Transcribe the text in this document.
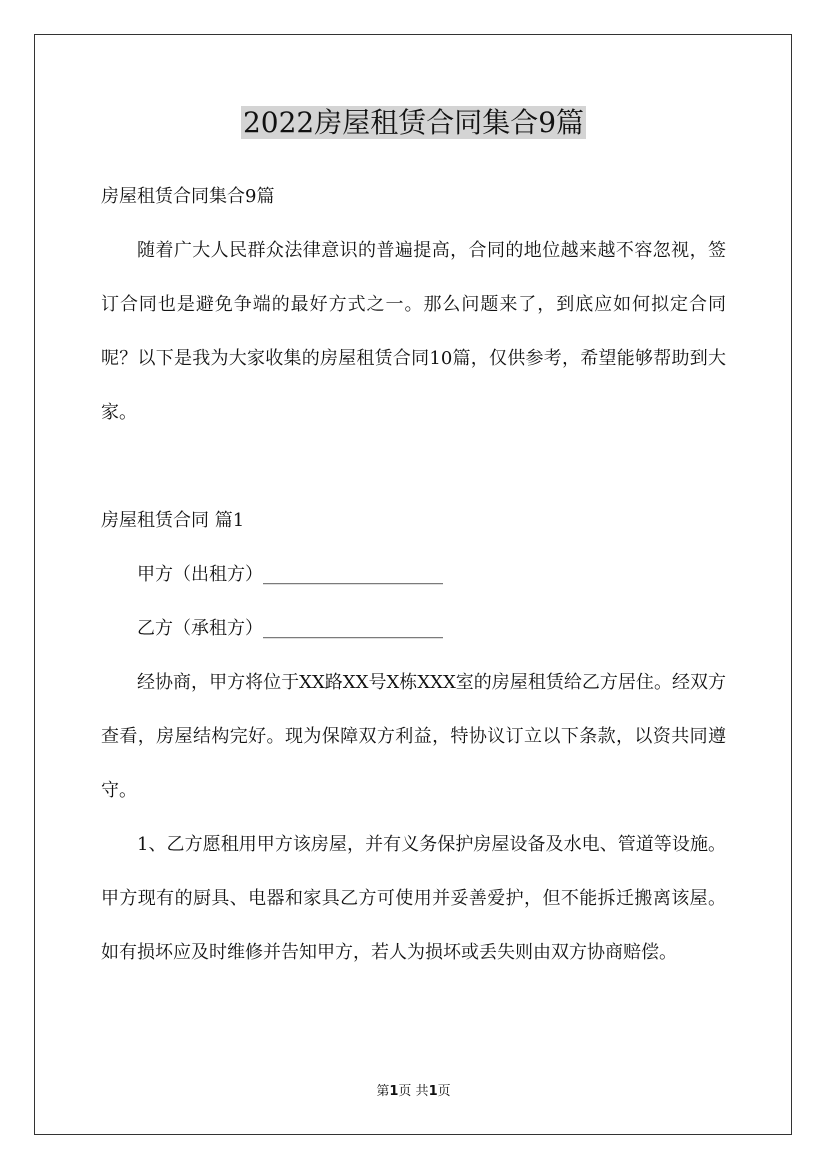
2022房屋租赁合同集合9篇

房屋租赁合同集合9篇

随着广大人民群众法律意识的普遍提高，合同的地位越来越不容忽视，签订合同也是避免争端的最好方式之一。那么问题来了，到底应如何拟定合同呢？以下是我为大家收集的房屋租赁合同10篇，仅供参考，希望能够帮助到大家。

房屋租赁合同 篇1

甲方（出租方）____________________

乙方（承租方）____________________

经协商，甲方将位于XX路XX号X栋XXX室的房屋租赁给乙方居住。经双方查看，房屋结构完好。现为保障双方利益，特协议订立以下条款，以资共同遵守。

1、乙方愿租用甲方该房屋，并有义务保护房屋设备及水电、管道等设施。甲方现有的厨具、电器和家具乙方可使用并妥善爱护，但不能拆迁搬离该屋。如有损坏应及时维修并告知甲方，若人为损坏或丢失则由双方协商赔偿。

第1页 共1页
